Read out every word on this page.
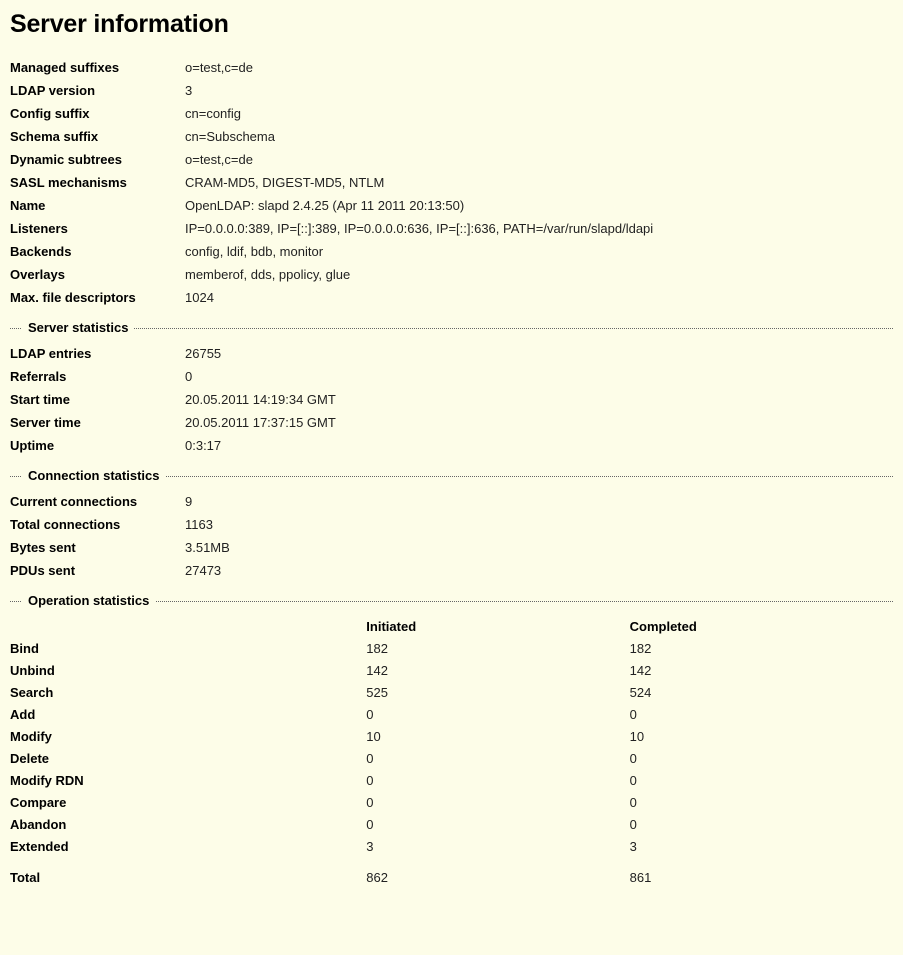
Server information
Managed suffixes	o=test,c=de
LDAP version	3
Config suffix	cn=config
Schema suffix	cn=Subschema
Dynamic subtrees	o=test,c=de
SASL mechanisms	CRAM-MD5, DIGEST-MD5, NTLM
Name	OpenLDAP: slapd 2.4.25 (Apr 11 2011 20:13:50)
Listeners	IP=0.0.0.0:389, IP=[::]:389, IP=0.0.0.0:636, IP=[::]:636, PATH=/var/run/slapd/ldapi
Backends	config, ldif, bdb, monitor
Overlays	memberof, dds, ppolicy, glue
Max. file descriptors	1024
Server statistics
LDAP entries	26755
Referrals	0
Start time	20.05.2011 14:19:34 GMT
Server time	20.05.2011 17:37:15 GMT
Uptime	0:3:17
Connection statistics
Current connections	9
Total connections	1163
Bytes sent	3.51MB
PDUs sent	27473
Operation statistics
	Initiated	Completed
Bind	182	182
Unbind	142	142
Search	525	524
Add	0	0
Modify	10	10
Delete	0	0
Modify RDN	0	0
Compare	0	0
Abandon	0	0
Extended	3	3
Total	862	861
